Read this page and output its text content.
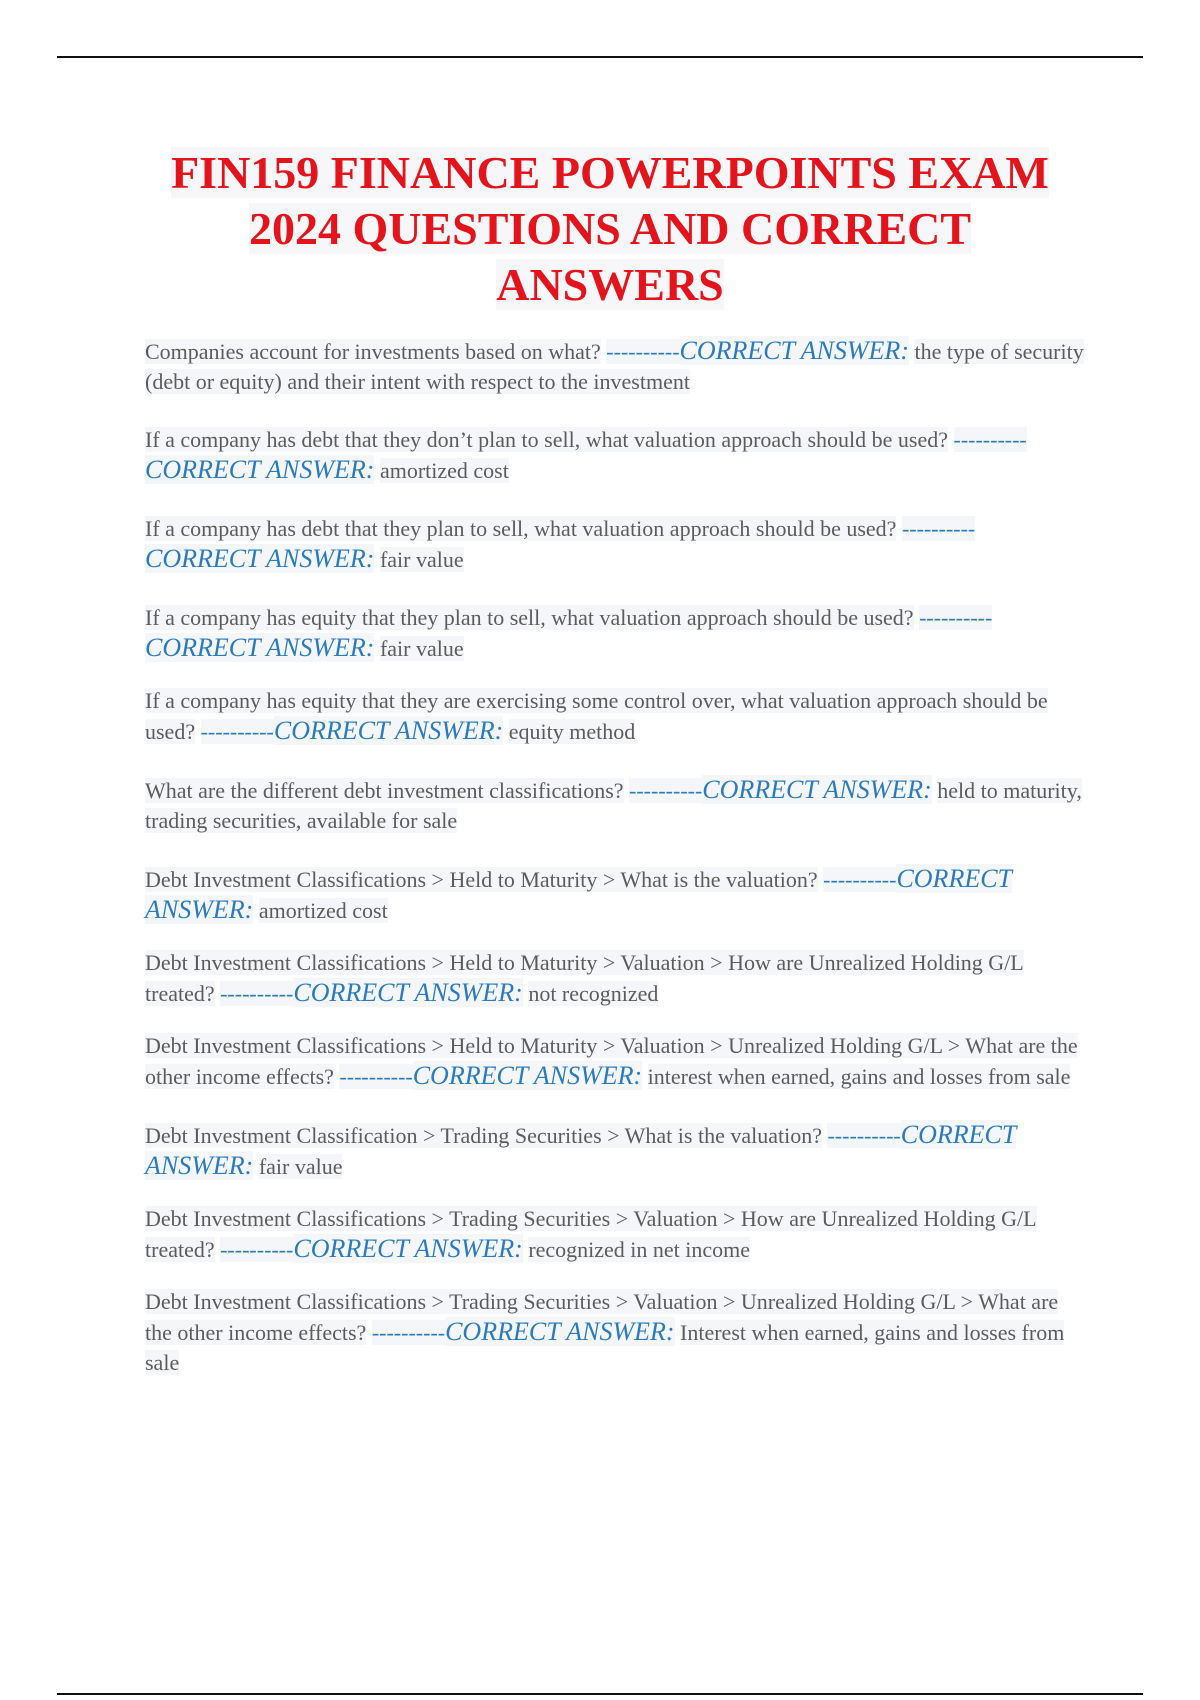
FIN159 FINANCE POWERPOINTS EXAM 2024 QUESTIONS AND CORRECT ANSWERS
Companies account for investments based on what? ----------CORRECT ANSWER: the type of security (debt or equity) and their intent with respect to the investment
If a company has debt that they don’t plan to sell, what valuation approach should be used? ----------CORRECT ANSWER: amortized cost
If a company has debt that they plan to sell, what valuation approach should be used? ----------CORRECT ANSWER: fair value
If a company has equity that they plan to sell, what valuation approach should be used? ----------CORRECT ANSWER: fair value
If a company has equity that they are exercising some control over, what valuation approach should be used? ----------CORRECT ANSWER: equity method
What are the different debt investment classifications? ----------CORRECT ANSWER: held to maturity, trading securities, available for sale
Debt Investment Classifications > Held to Maturity > What is the valuation? ----------CORRECT ANSWER: amortized cost
Debt Investment Classifications > Held to Maturity > Valuation > How are Unrealized Holding G/L treated? ----------CORRECT ANSWER: not recognized
Debt Investment Classifications > Held to Maturity > Valuation > Unrealized Holding G/L > What are the other income effects? ----------CORRECT ANSWER: interest when earned, gains and losses from sale
Debt Investment Classification > Trading Securities > What is the valuation? ----------CORRECT ANSWER: fair value
Debt Investment Classifications > Trading Securities > Valuation > How are Unrealized Holding G/L treated? ----------CORRECT ANSWER: recognized in net income
Debt Investment Classifications > Trading Securities > Valuation > Unrealized Holding G/L > What are the other income effects? ----------CORRECT ANSWER: Interest when earned, gains and losses from sale
